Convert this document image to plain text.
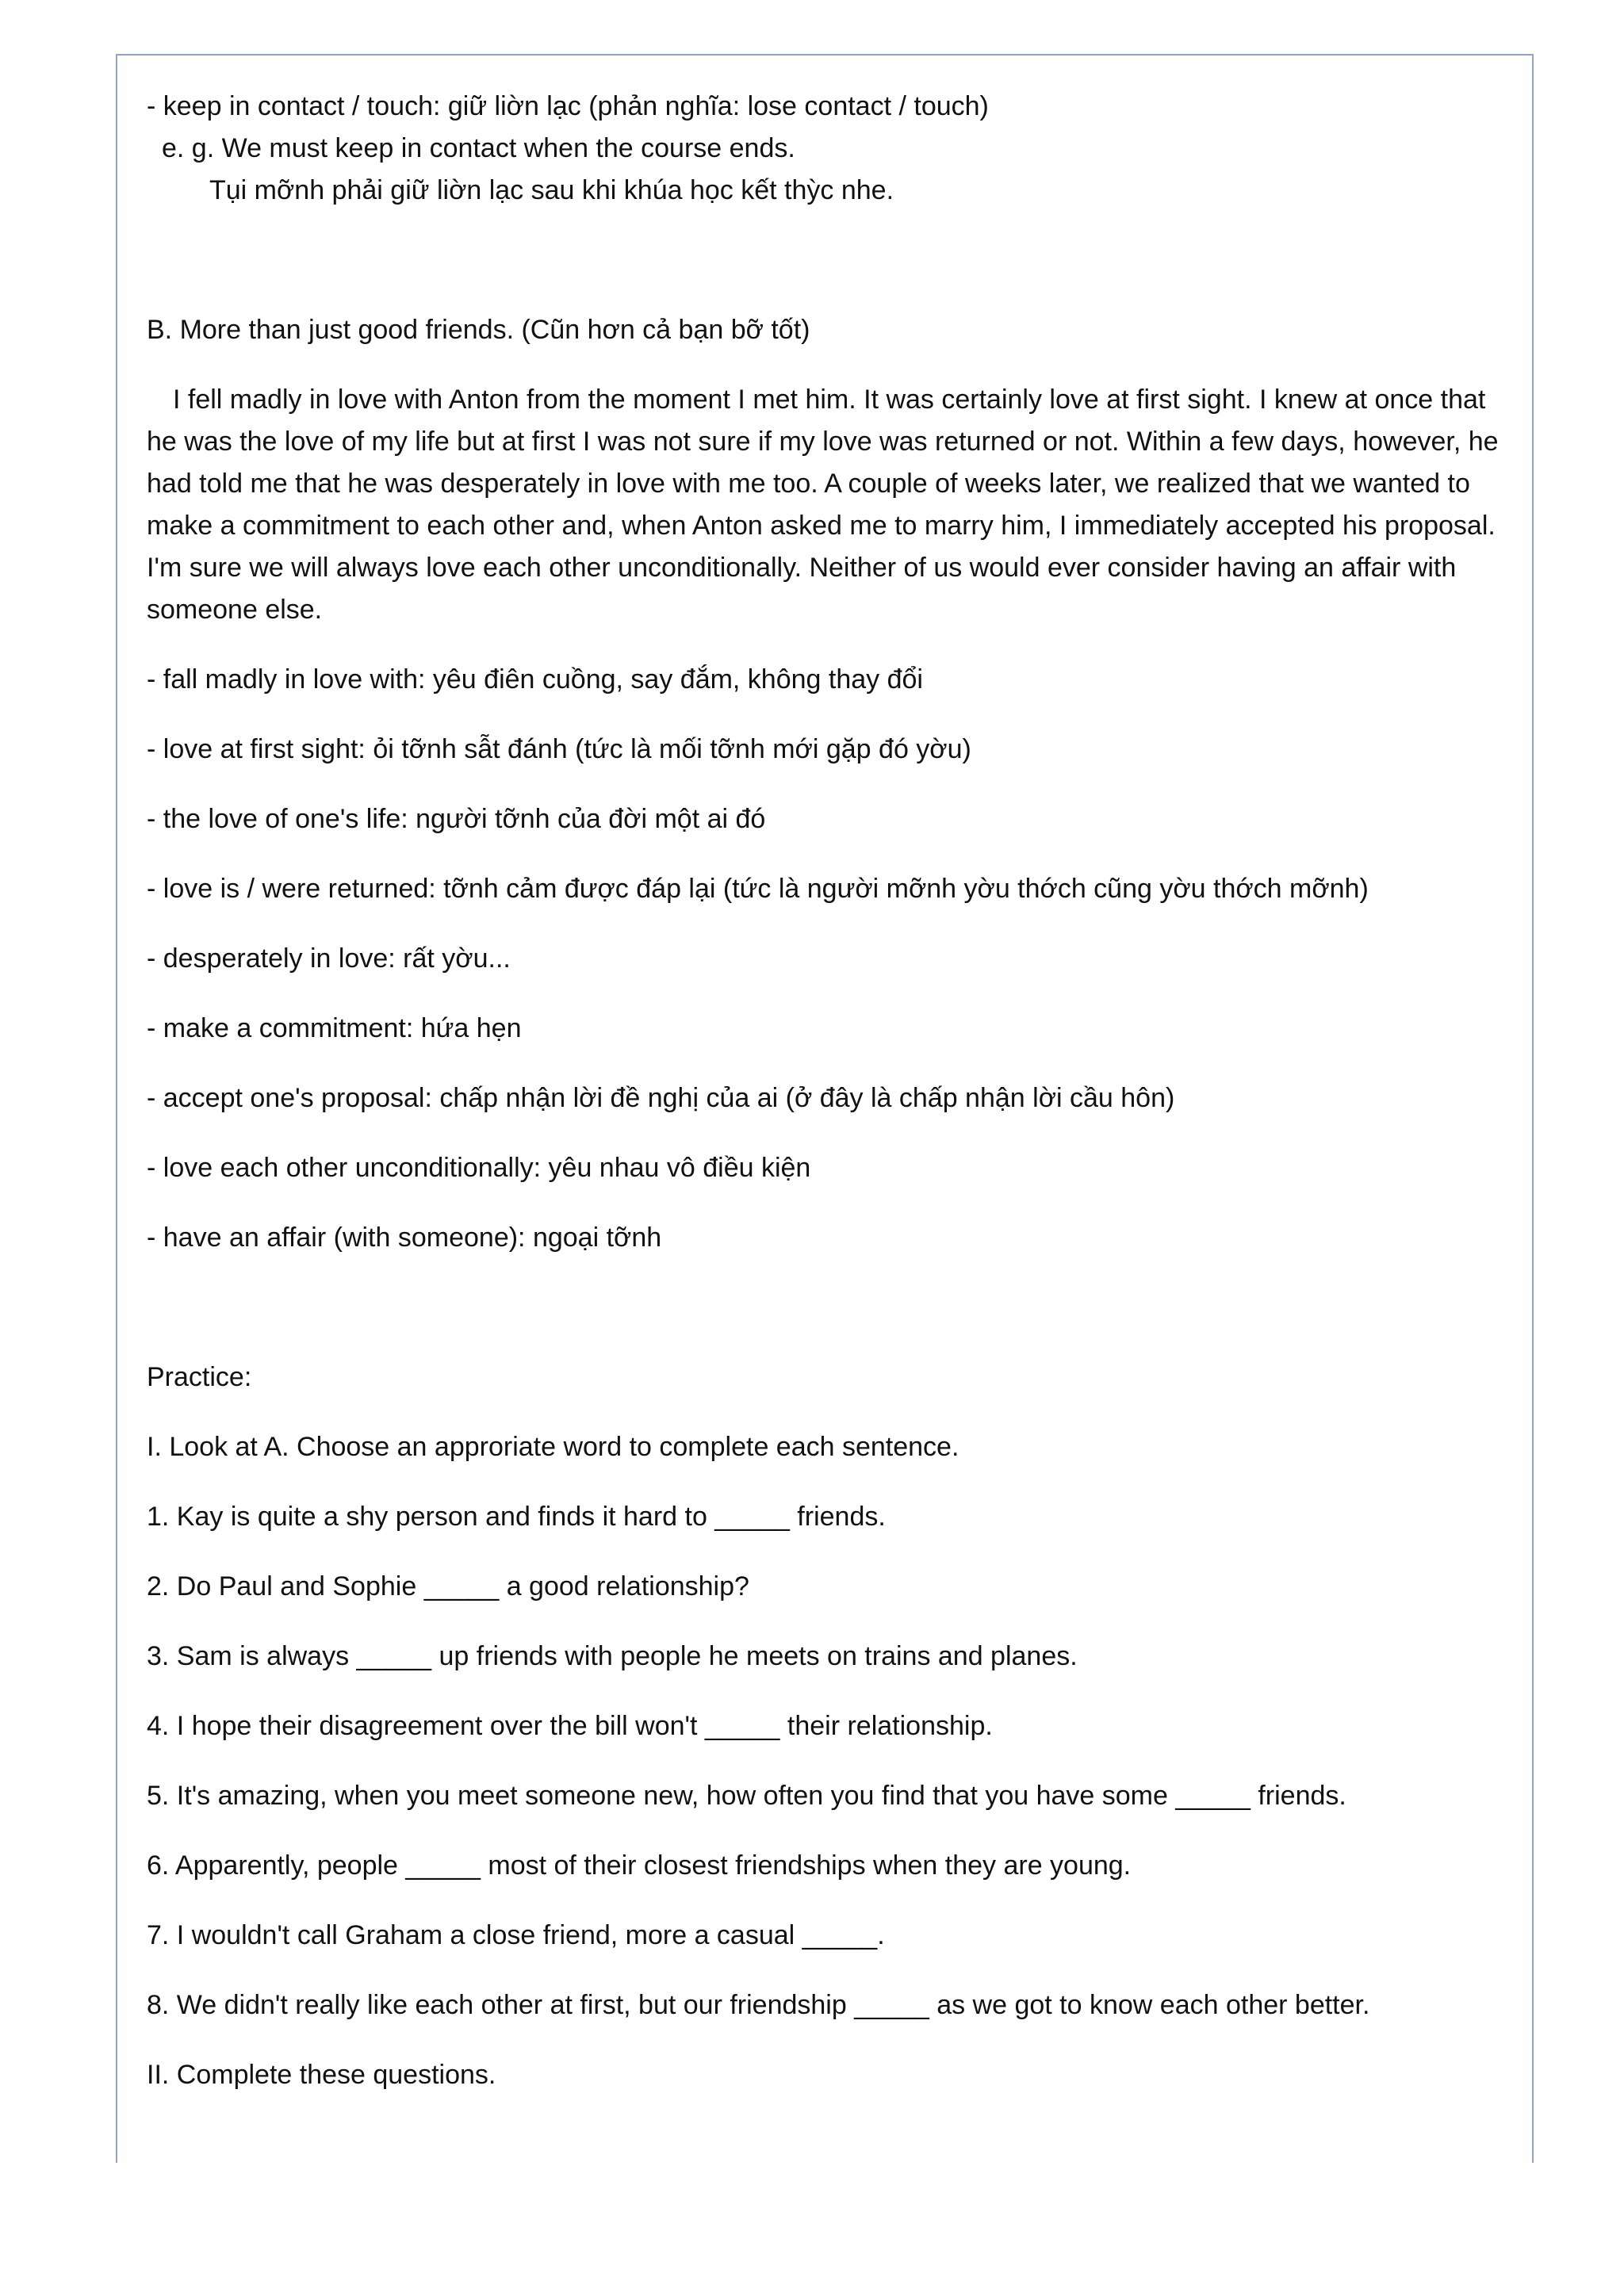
- keep in contact / touch: giữ liờn lạc (phản nghĩa: lose contact / touch)

e. g. We must keep in contact when the course ends.

Tụi mỡnh phải giữ liờn lạc sau khi khúa học kết thỳc nhe.

B. More than just good friends. (Cũn hơn cả bạn bỡ tốt)

I fell madly in love with Anton from the moment I met him. It was certainly love at first sight. I knew at once that he was the love of my life but at first I was not sure if my love was returned or not. Within a few days, however, he had told me that he was desperately in love with me too. A couple of weeks later, we realized that we wanted to make a commitment to each other and, when Anton asked me to marry him, I immediately accepted his proposal. I'm sure we will always love each other unconditionally. Neither of us would ever consider having an affair with someone else.

- fall madly in love with: yêu điên cuồng, say đắm, không thay đổi

- love at first sight: ỏi tỡnh sẫt đánh (tức là mối tỡnh mới gặp đó yờu)

- the love of one's life: người tỡnh của đời một ai đó

- love is / were returned: tỡnh cảm được đáp lại (tức là người mỡnh yờu thớch cũng yờu thớch mỡnh)

- desperately in love: rất yờu...

- make a commitment: hứa hẹn

- accept one's proposal: chấp nhận lời đề nghị của ai (ở đây là chấp nhận lời cầu hôn)

- love each other unconditionally: yêu nhau vô điều kiện

- have an affair (with someone): ngoại tỡnh

Practice:

I. Look at A. Choose an approriate word to complete each sentence.

1. Kay is quite a shy person and finds it hard to _____ friends.

2. Do Paul and Sophie _____ a good relationship?

3. Sam is always _____ up friends with people he meets on trains and planes.

4. I hope their disagreement over the bill won't _____ their relationship.

5. It's amazing, when you meet someone new, how often you find that you have some _____ friends.

6. Apparently, people _____ most of their closest friendships when they are young.

7. I wouldn't call Graham a close friend, more a casual _____.

8. We didn't really like each other at first, but our friendship _____ as we got to know each other better.

II. Complete these questions.
